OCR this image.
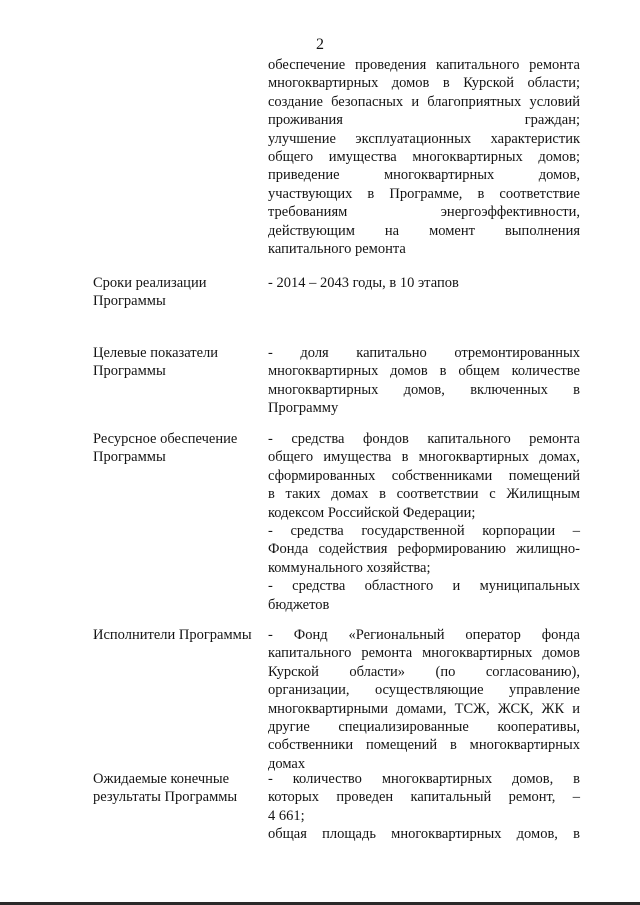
2
обеспечение проведения капитального ремонта
многоквартирных домов в Курской области;
создание безопасных и благоприятных условий
проживания граждан;
улучшение эксплуатационных характеристик
общего имущества многоквартирных домов;
приведение многоквартирных домов,
участвующих в Программе, в соответствие
требованиям энергоэффективности,
действующим на момент выполнения
капитального ремонта
Сроки реализации Программы
- 2014 – 2043 годы, в 10 этапов
Целевые показатели Программы
- доля капитально отремонтированных
многоквартирных домов в общем количестве
многоквартирных домов, включенных в
Программу
Ресурсное обеспечение Программы
- средства фондов капитального ремонта
общего имущества в многоквартирных домах,
сформированных собственниками помещений
в таких домах в соответствии с Жилищным
кодексом Российской Федерации;
- средства государственной корпорации –
Фонда содействия реформированию жилищно-
коммунального хозяйства;
- средства областного и муниципальных
бюджетов
Исполнители Программы	- Фонд «Региональный оператор фонда
капитального ремонта многоквартирных домов
Курской области» (по согласованию),
организации, осуществляющие управление
многоквартирными домами, ТСЖ, ЖСК, ЖК и
другие специализированные кооперативы,
собственники помещений в многоквартирных
домах
Ожидаемые конечные результаты Программы
- количество многоквартирных домов, в
которых проведен капитальный ремонт, –
4 661;
общая площадь многоквартирных домов, в
